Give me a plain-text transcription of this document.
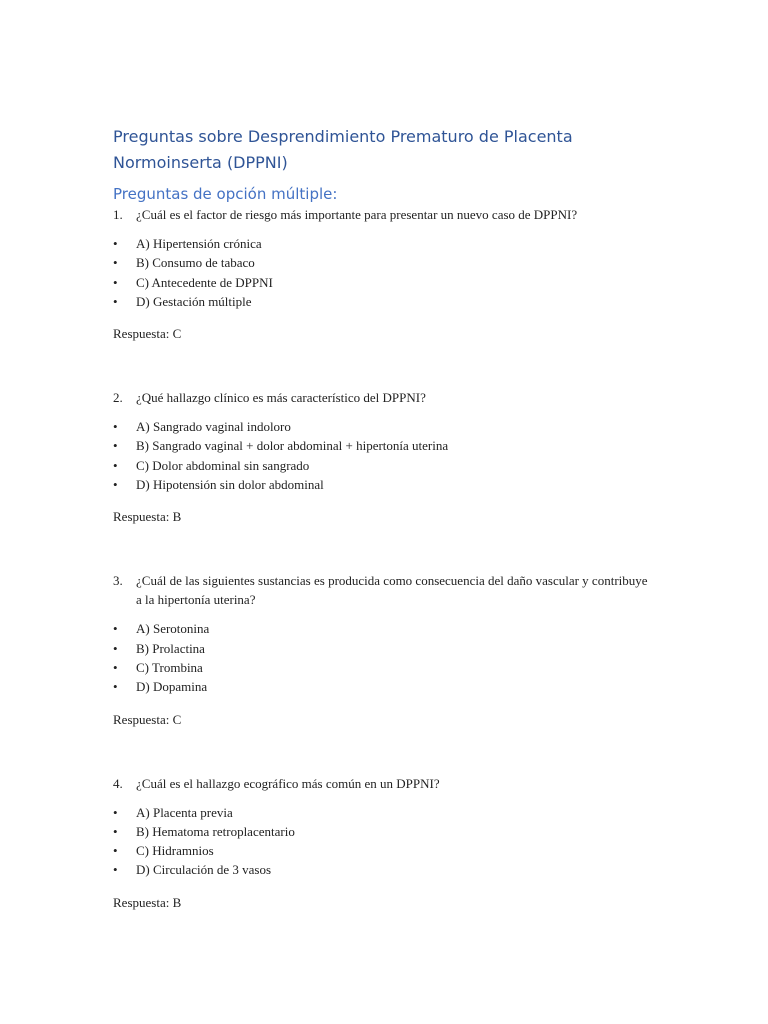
Preguntas sobre Desprendimiento Prematuro de Placenta Normoinserta (DPPNI)
Preguntas de opción múltiple:

1. ¿Cuál es el factor de riesgo más importante para presentar un nuevo caso de DPPNI?

• A) Hipertensión crónica
• B) Consumo de tabaco
• C) Antecedente de DPPNI
• D) Gestación múltiple

Respuesta: C

2. ¿Qué hallazgo clínico es más característico del DPPNI?

• A) Sangrado vaginal indoloro
• B) Sangrado vaginal + dolor abdominal + hipertonía uterina
• C) Dolor abdominal sin sangrado
• D) Hipotensión sin dolor abdominal

Respuesta: B

3. ¿Cuál de las siguientes sustancias es producida como consecuencia del daño vascular y contribuye a la hipertonía uterina?

• A) Serotonina
• B) Prolactina
• C) Trombina
• D) Dopamina

Respuesta: C

4. ¿Cuál es el hallazgo ecográfico más común en un DPPNI?

• A) Placenta previa
• B) Hematoma retroplacentario
• C) Hidramnios
• D) Circulación de 3 vasos

Respuesta: B
